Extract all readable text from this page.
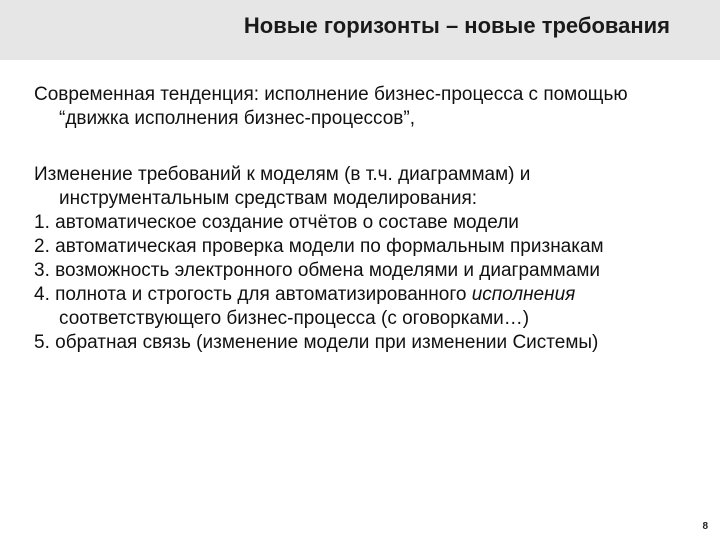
Новые горизонты – новые требования

Современная тенденция: исполнение бизнес-процесса с помощью “движка исполнения бизнес-процессов”,

Изменение требований к моделям (в т.ч. диаграммам) и инструментальным средствам моделирования:

1. автоматическое создание отчётов о составе модели

2. автоматическая проверка модели по формальным признакам

3. возможность электронного обмена моделями и диаграммами

4. полнота и строгость для автоматизированного исполнения соответствующего бизнес-процесса (с оговорками…)

5. обратная связь (изменение модели при изменении Системы)

8
